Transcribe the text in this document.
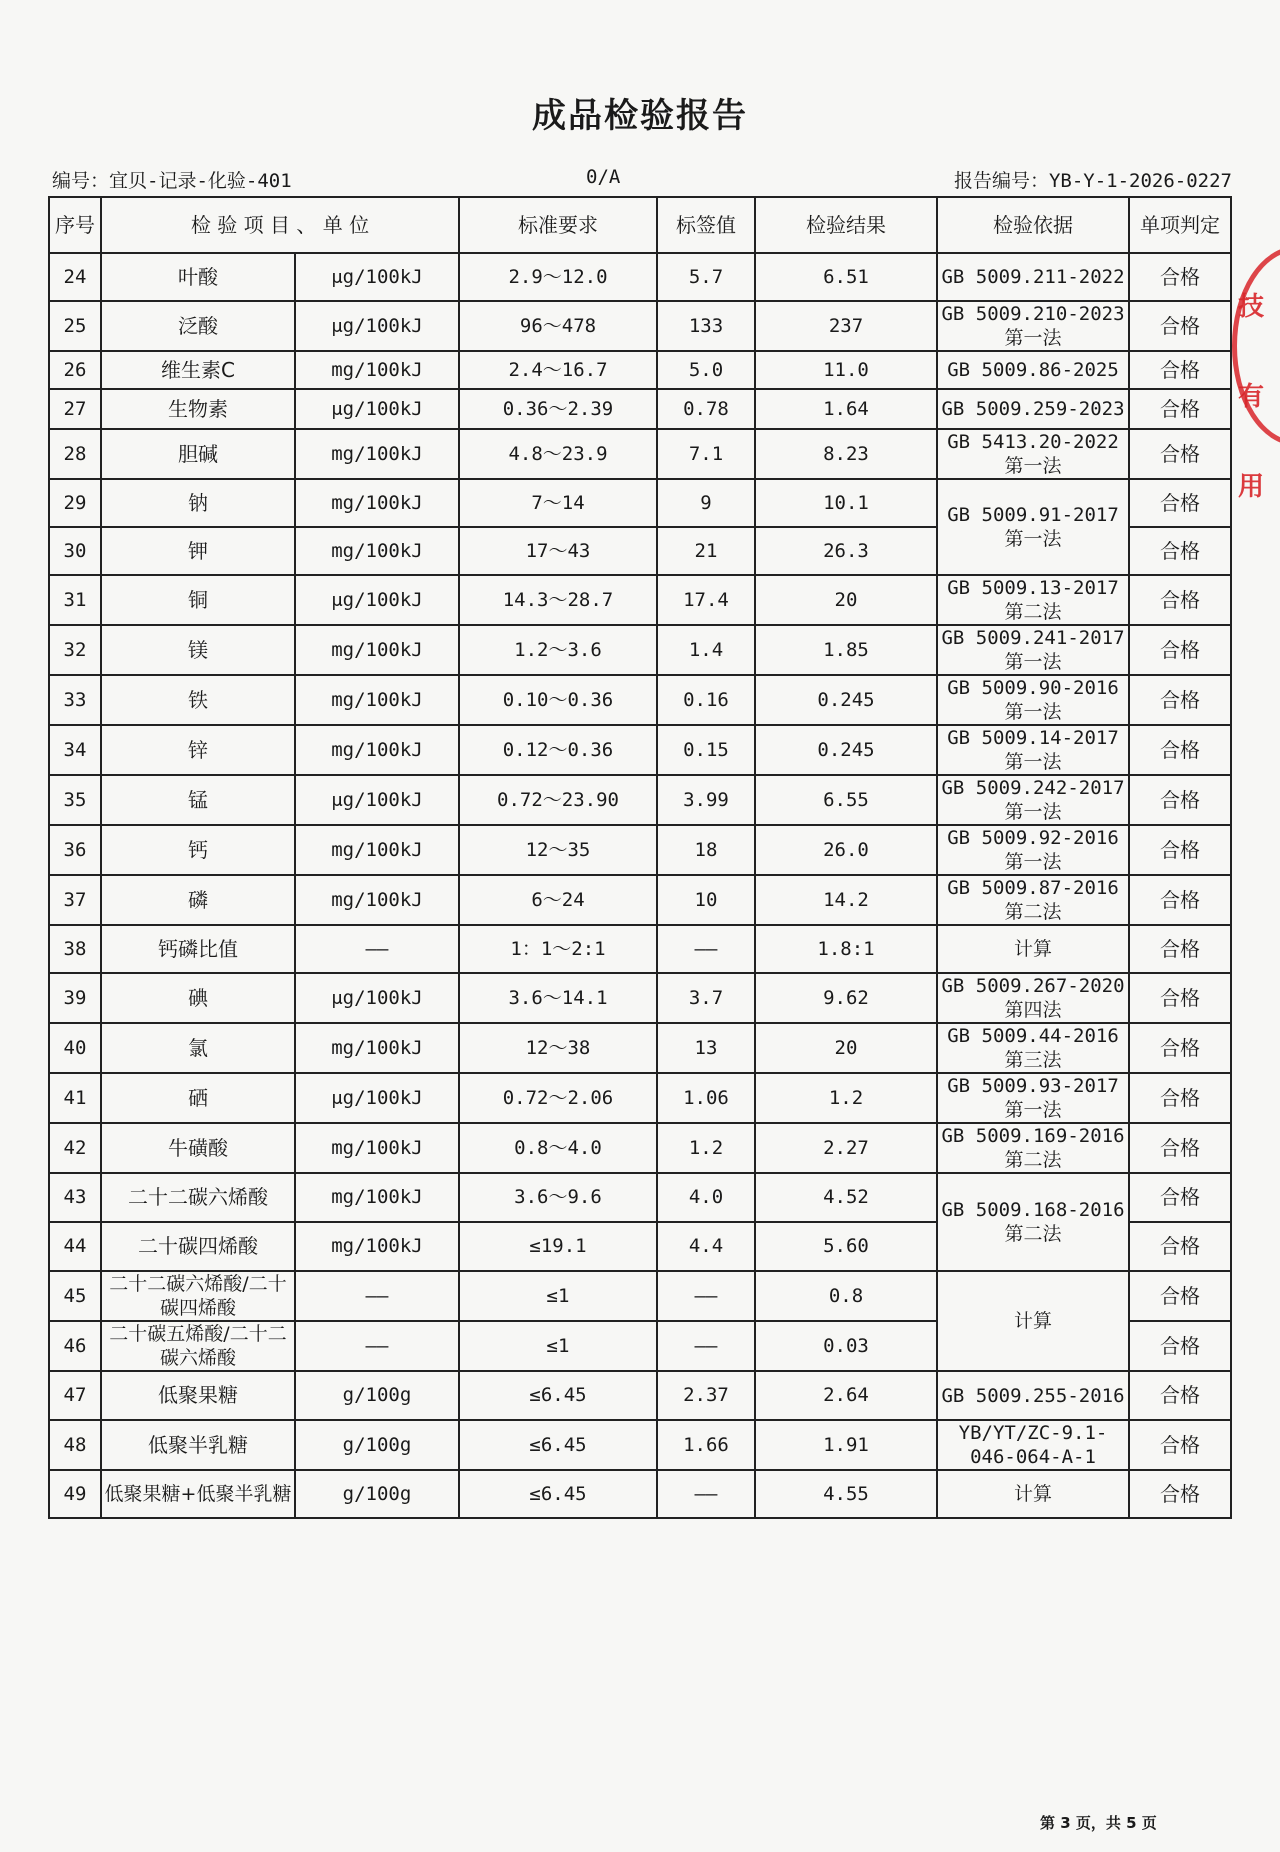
成品检验报告
编号：宜贝-记录-化验-401	0/A	报告编号：YB-Y-1-2026-0227
序号	检 验 项 目 、 单 位		标准要求	标签值	检验结果	检验依据	单项判定
24	叶酸	μg/100kJ	2.9～12.0	5.7	6.51	GB 5009.211-2022	合格
25	泛酸	μg/100kJ	96～478	133	237	GB 5009.210-2023 第一法	合格
26	维生素C	mg/100kJ	2.4～16.7	5.0	11.0	GB 5009.86-2025	合格
27	生物素	μg/100kJ	0.36～2.39	0.78	1.64	GB 5009.259-2023	合格
28	胆碱	mg/100kJ	4.8～23.9	7.1	8.23	GB 5413.20-2022 第一法	合格
29	钠	mg/100kJ	7～14	9	10.1	GB 5009.91-2017 第一法	合格
30	钾	mg/100kJ	17～43	21	26.3		合格
31	铜	μg/100kJ	14.3～28.7	17.4	20	GB 5009.13-2017 第二法	合格
32	镁	mg/100kJ	1.2～3.6	1.4	1.85	GB 5009.241-2017 第一法	合格
33	铁	mg/100kJ	0.10～0.36	0.16	0.245	GB 5009.90-2016 第一法	合格
34	锌	mg/100kJ	0.12～0.36	0.15	0.245	GB 5009.14-2017 第一法	合格
35	锰	μg/100kJ	0.72～23.90	3.99	6.55	GB 5009.242-2017 第一法	合格
36	钙	mg/100kJ	12～35	18	26.0	GB 5009.92-2016 第一法	合格
37	磷	mg/100kJ	6～24	10	14.2	GB 5009.87-2016 第二法	合格
38	钙磷比值	——	1：1～2:1	——	1.8:1	计算	合格
39	碘	μg/100kJ	3.6～14.1	3.7	9.62	GB 5009.267-2020 第四法	合格
40	氯	mg/100kJ	12～38	13	20	GB 5009.44-2016 第三法	合格
41	硒	μg/100kJ	0.72～2.06	1.06	1.2	GB 5009.93-2017 第一法	合格
42	牛磺酸	mg/100kJ	0.8～4.0	1.2	2.27	GB 5009.169-2016 第二法	合格
43	二十二碳六烯酸	mg/100kJ	3.6～9.6	4.0	4.52	GB 5009.168-2016 第二法	合格
44	二十碳四烯酸	mg/100kJ	≤19.1	4.4	5.60		合格
45	二十二碳六烯酸/二十碳四烯酸	——	≤1	——	0.8	计算	合格
46	二十碳五烯酸/二十二碳六烯酸	——	≤1	——	0.03		合格
47	低聚果糖	g/100g	≤6.45	2.37	2.64	GB 5009.255-2016	合格
48	低聚半乳糖	g/100g	≤6.45	1.66	1.91	YB/YT/ZC-9.1-046-064-A-1	合格
49	低聚果糖+低聚半乳糖	g/100g	≤6.45	——	4.55	计算	合格
技有用
第 3 页，共 5 页
